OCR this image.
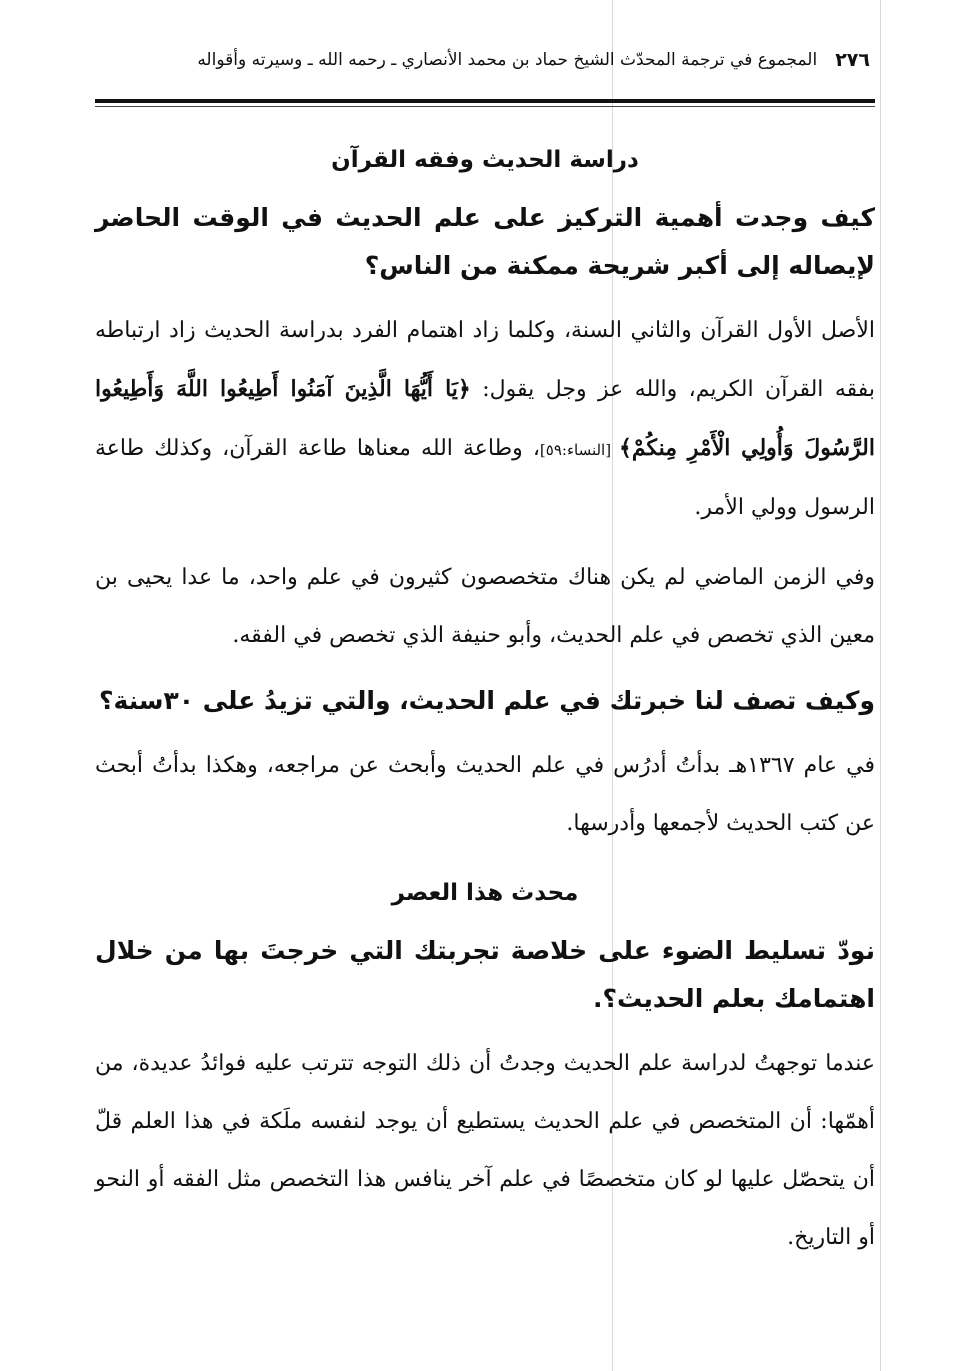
٢٧٦
المجموع في ترجمة المحدّث الشيخ حماد بن محمد الأنصاري ـ رحمه الله ـ وسيرته وأقواله
دراسة الحديث وفقه القرآن
كيف وجدت أهمية التركيز على علم الحديث في الوقت الحاضر لإيصاله إلى أكبر شريحة ممكنة من الناس؟
الأصل الأول القرآن والثاني السنة، وكلما زاد اهتمام الفرد بدراسة الحديث زاد ارتباطه بفقه القرآن الكريم، والله عز وجل يقول: ﴿يَا أَيُّهَا الَّذِينَ آمَنُوا أَطِيعُوا اللَّهَ وَأَطِيعُوا الرَّسُولَ وَأُولِي الْأَمْرِ مِنكُمْ﴾ [النساء:٥٩]، وطاعة الله معناها طاعة القرآن، وكذلك طاعة الرسول وولي الأمر.
وفي الزمن الماضي لم يكن هناك متخصصون كثيرون في علم واحد، ما عدا يحيى بن معين الذي تخصص في علم الحديث، وأبو حنيفة الذي تخصص في الفقه.
وكيف تصف لنا خبرتك في علم الحديث، والتي تزيدُ على ٣٠سنة؟
في عام ١٣٦٧هـ بدأتُ أدرُس في علم الحديث وأبحث عن مراجعه، وهكذا بدأتُ أبحث عن كتب الحديث لأجمعها وأدرسها.
محدث هذا العصر
نودّ تسليط الضوء على خلاصة تجربتك التي خرجتَ بها من خلال اهتمامك بعلم الحديث؟.
عندما توجهتُ لدراسة علم الحديث وجدتُ أن ذلك التوجه تترتب عليه فوائدُ عديدة، من أهمّها: أن المتخصص في علم الحديث يستطيع أن يوجد لنفسه ملَكة في هذا العلم قلّ أن يتحصّل عليها لو كان متخصصًا في علم آخر ينافس هذا التخصص مثل الفقه أو النحو أو التاريخ.
